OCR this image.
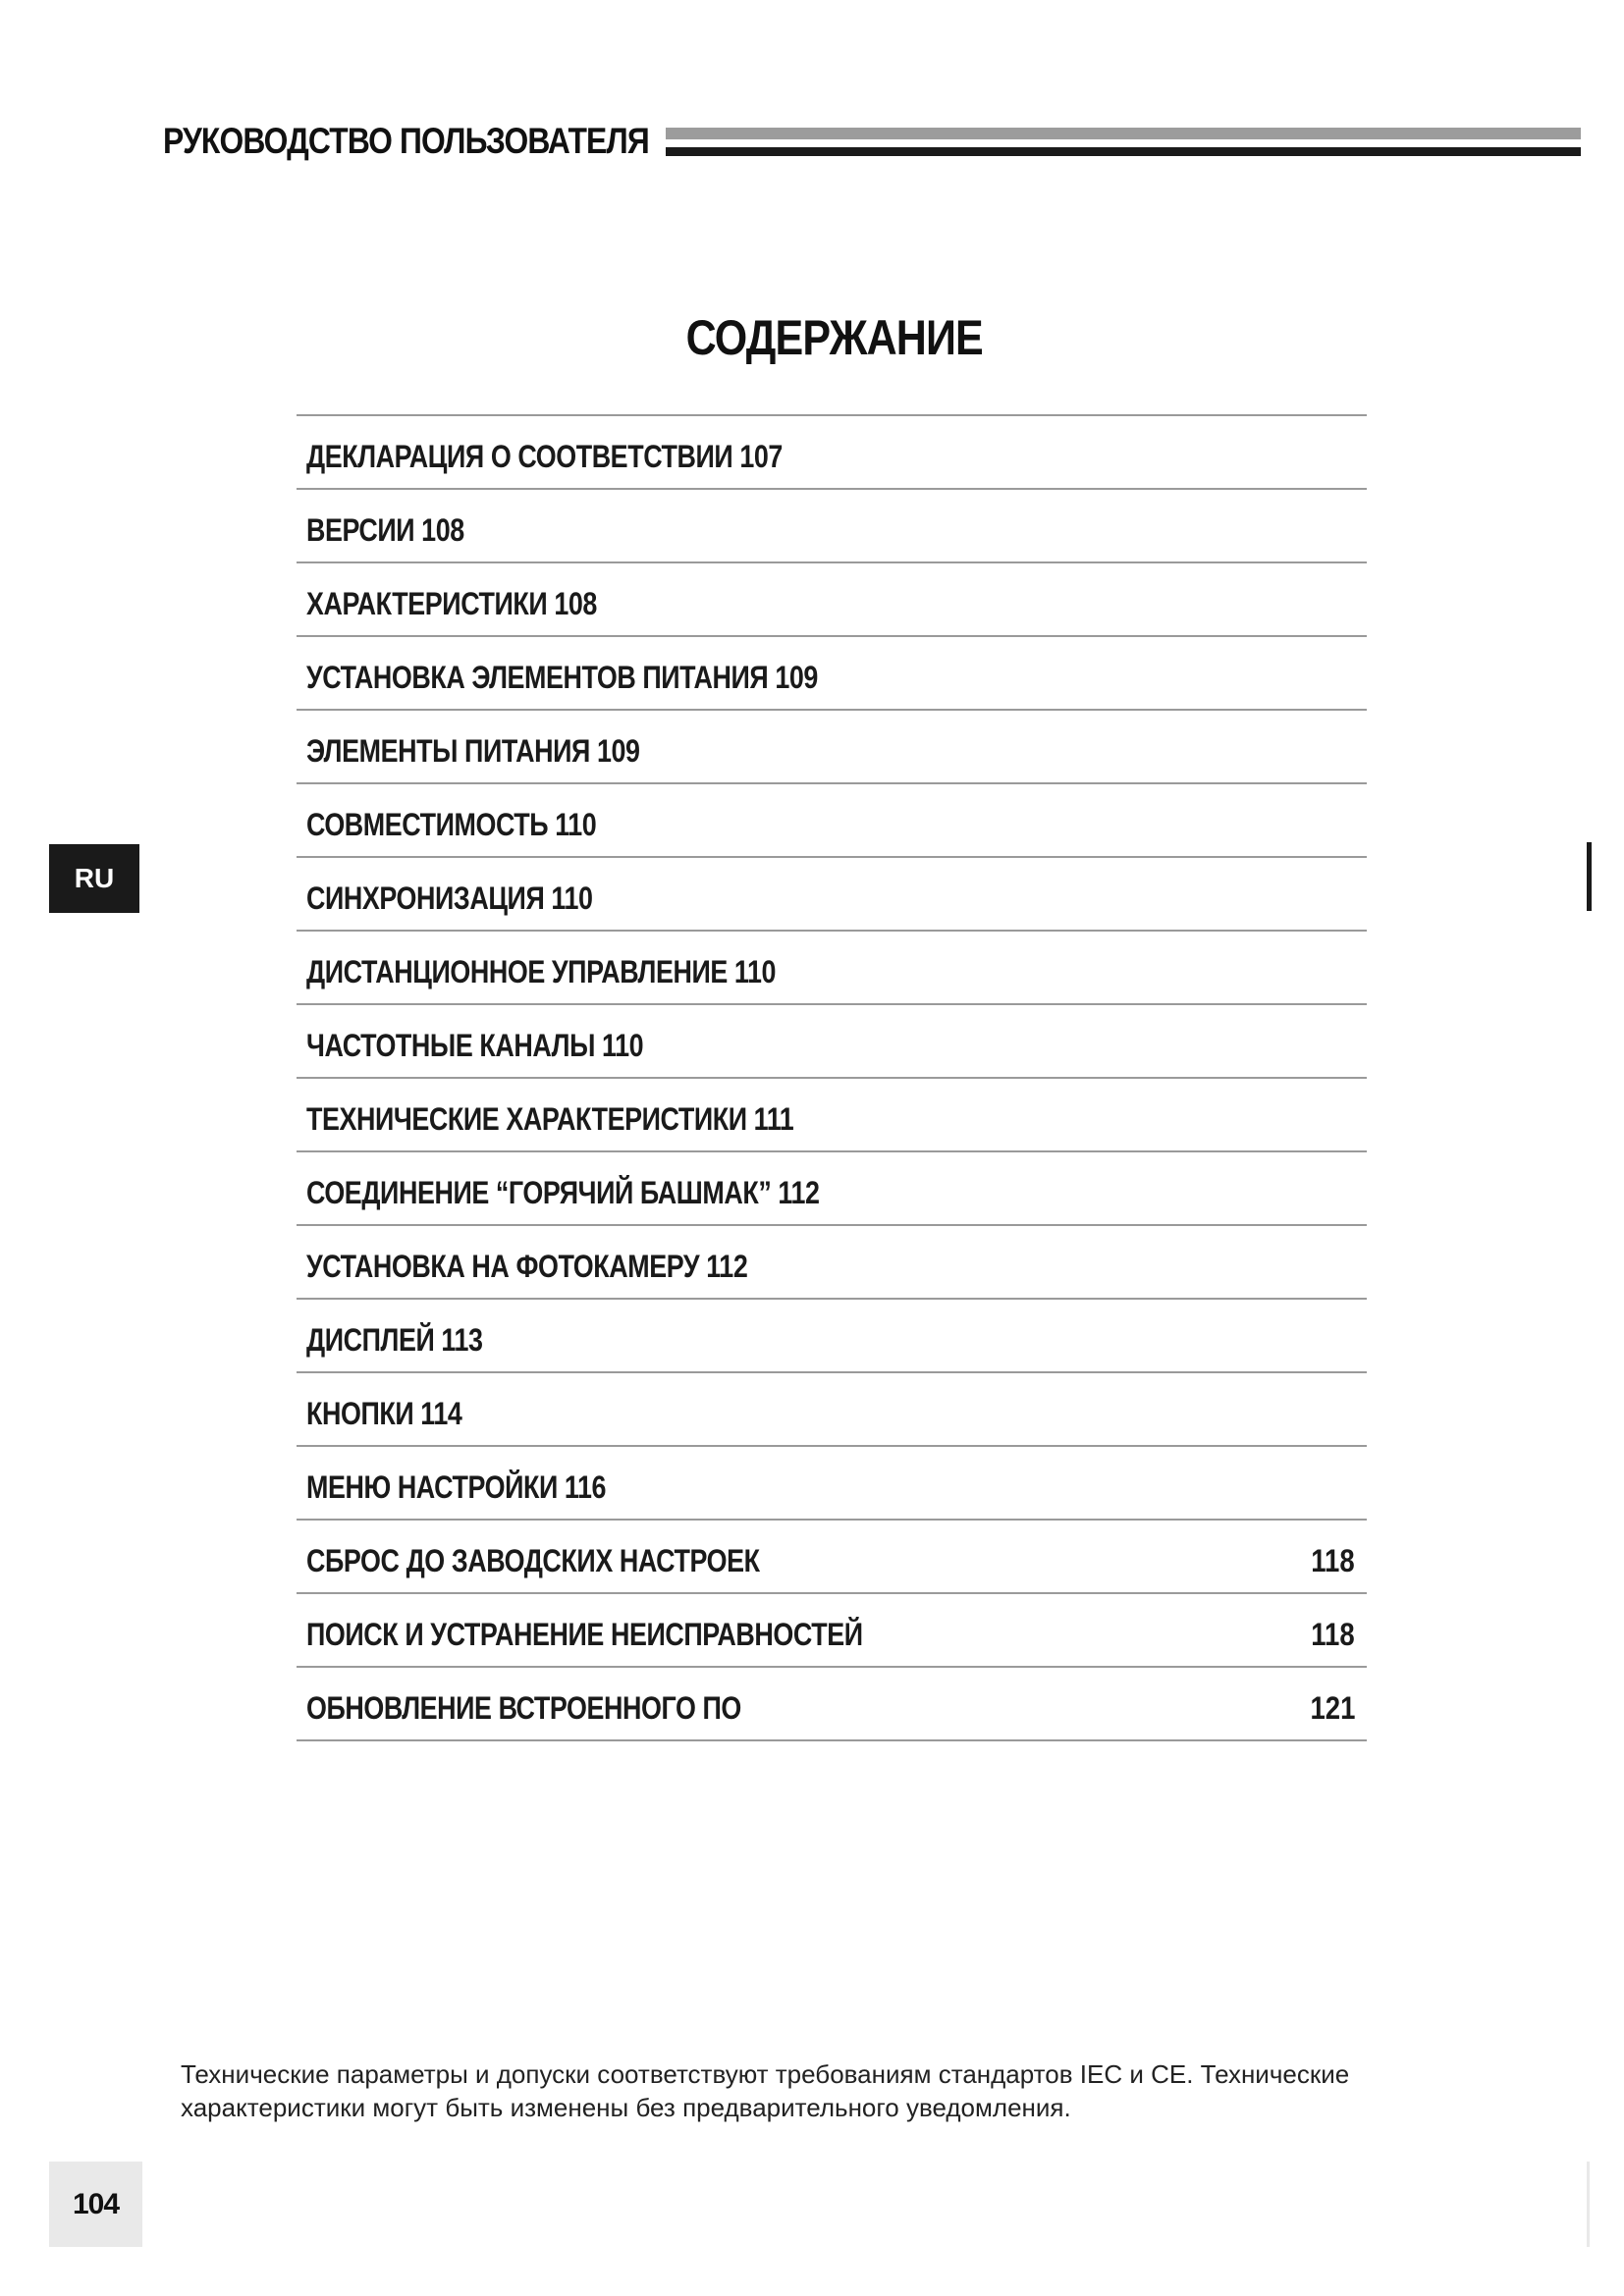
РУКОВОДСТВО ПОЛЬЗОВАТЕЛЯ
СОДЕРЖАНИЕ
ДЕКЛАРАЦИЯ О СООТВЕТСТВИИ 107
ВЕРСИИ 108
ХАРАКТЕРИСТИКИ 108
УСТАНОВКА ЭЛЕМЕНТОВ ПИТАНИЯ 109
ЭЛЕМЕНТЫ ПИТАНИЯ 109
СОВМЕСТИМОСТЬ 110
СИНХРОНИЗАЦИЯ 110
ДИСТАНЦИОННОЕ УПРАВЛЕНИЕ 110
ЧАСТОТНЫЕ КАНАЛЫ 110
ТЕХНИЧЕСКИЕ ХАРАКТЕРИСТИКИ 111
СОЕДИНЕНИЕ “ГОРЯЧИЙ БАШМАК” 112
УСТАНОВКА НА ФОТОКАМЕРУ 112
ДИСПЛЕЙ 113
КНОПКИ 114
МЕНЮ НАСТРОЙКИ 116
СБРОС ДО ЗАВОДСКИХ НАСТРОЕК	118
ПОИСК И УСТРАНЕНИЕ НЕИСПРАВНОСТЕЙ	118
ОБНОВЛЕНИЕ ВСТРОЕННОГО ПО	121
RU
Технические параметры и допуски соответствуют требованиям стандартов IEC и CE. Технические
характеристики могут быть изменены без предварительного уведомления.
104
